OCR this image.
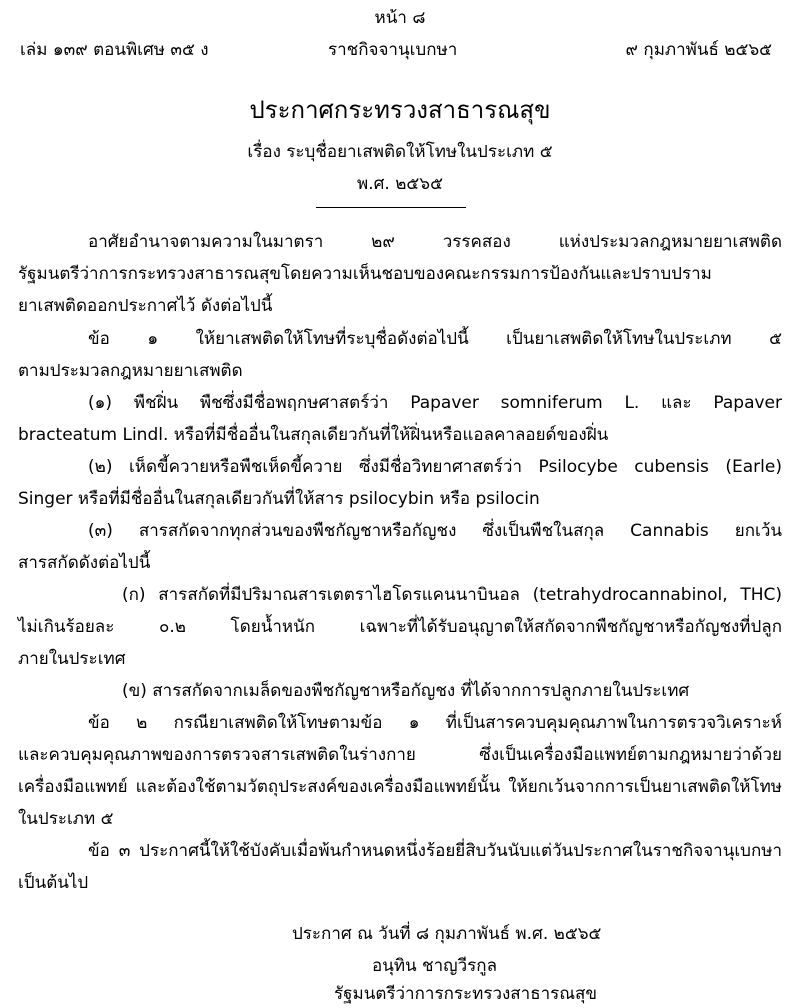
หน้า ๘
เล่ม ๑๓๙ ตอนพิเศษ ๓๕ ง	ราชกิจจานุเบกษา	๙ กุมภาพันธ์ ๒๕๖๕
ประกาศกระทรวงสาธารณสุข
เรื่อง ระบุชื่อยาเสพติดให้โทษในประเภท ๕
พ.ศ. ๒๕๖๕
อาศัยอำนาจตามความในมาตรา ๒๙ วรรคสอง แห่งประมวลกฎหมายยาเสพติด
รัฐมนตรีว่าการกระทรวงสาธารณสุขโดยความเห็นชอบของคณะกรรมการป้องกันและปราบปราม
ยาเสพติดออกประกาศไว้ ดังต่อไปนี้
ข้อ ๑ ให้ยาเสพติดให้โทษที่ระบุชื่อดังต่อไปนี้ เป็นยาเสพติดให้โทษในประเภท ๕
ตามประมวลกฎหมายยาเสพติด
(๑) พืชฝิ่น พืชซึ่งมีชื่อพฤกษศาสตร์ว่า Papaver somniferum L. และ Papaver
bracteatum Lindl. หรือที่มีชื่ออื่นในสกุลเดียวกันที่ให้ฝิ่นหรือแอลคาลอยด์ของฝิ่น
(๒) เห็ดขี้ควายหรือพืชเห็ดขี้ควาย ซึ่งมีชื่อวิทยาศาสตร์ว่า Psilocybe cubensis (Earle)
Singer หรือที่มีชื่ออื่นในสกุลเดียวกันที่ให้สาร psilocybin หรือ psilocin
(๓) สารสกัดจากทุกส่วนของพืชกัญชาหรือกัญชง ซึ่งเป็นพืชในสกุล Cannabis ยกเว้น
สารสกัดดังต่อไปนี้
(ก) สารสกัดที่มีปริมาณสารเตตราไฮโดรแคนนาบินอล (tetrahydrocannabinol, THC)
ไม่เกินร้อยละ ๐.๒ โดยน้ำหนัก เฉพาะที่ได้รับอนุญาตให้สกัดจากพืชกัญชาหรือกัญชงที่ปลูก
ภายในประเทศ
(ข) สารสกัดจากเมล็ดของพืชกัญชาหรือกัญชง ที่ได้จากการปลูกภายในประเทศ
ข้อ ๒ กรณียาเสพติดให้โทษตามข้อ ๑ ที่เป็นสารควบคุมคุณภาพในการตรวจวิเคราะห์
และควบคุมคุณภาพของการตรวจสารเสพติดในร่างกาย ซึ่งเป็นเครื่องมือแพทย์ตามกฎหมายว่าด้วย
เครื่องมือแพทย์ และต้องใช้ตามวัตถุประสงค์ของเครื่องมือแพทย์นั้น ให้ยกเว้นจากการเป็นยาเสพติดให้โทษ
ในประเภท ๕
ข้อ ๓ ประกาศนี้ให้ใช้บังคับเมื่อพ้นกำหนดหนึ่งร้อยยี่สิบวันนับแต่วันประกาศในราชกิจจานุเบกษา
เป็นต้นไป
ประกาศ ณ วันที่ ๘ กุมภาพันธ์ พ.ศ. ๒๕๖๕
อนุทิน ชาญวีรกูล
รัฐมนตรีว่าการกระทรวงสาธารณสุข
